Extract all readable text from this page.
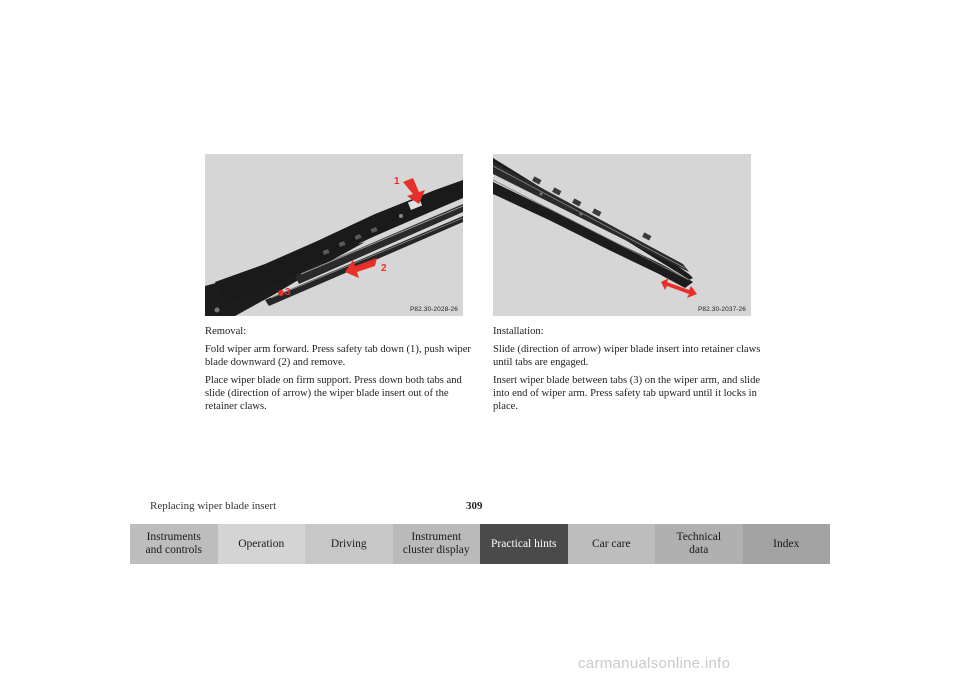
1
2
3
P82.30-2028-26	P82.30-2037-26

Removal:

Fold wiper arm forward. Press safety tab down (1), push wiper blade downward (2) and remove.

Place wiper blade on firm support. Press down both tabs and slide (direction of arrow) the wiper blade insert out of the retainer claws.

Installation:

Slide (direction of arrow) wiper blade insert into retainer claws until tabs are engaged.

Insert wiper blade between tabs (3) on the wiper arm, and slide into end of wiper arm. Press safety tab upward until it locks in place.

Replacing wiper blade insert	309
Instruments
and controls
Operation	Driving
Instrument
cluster display
Practical hints	Car care
Technical
data
Index
carmanualsonline.info
